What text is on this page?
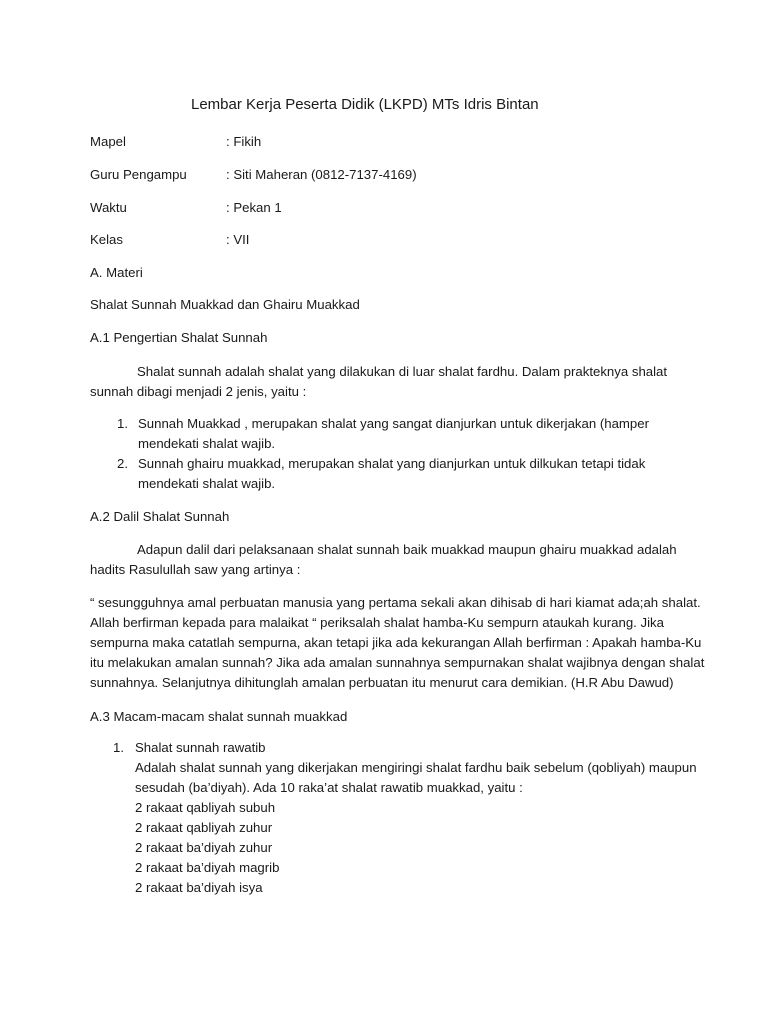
Lembar Kerja Peserta Didik (LKPD) MTs Idris Bintan
Mapel	: Fikih
Guru Pengampu	: Siti Maheran (0812-7137-4169)
Waktu	: Pekan 1
Kelas	: VII
A. Materi
Shalat Sunnah Muakkad dan Ghairu Muakkad
A.1 Pengertian Shalat Sunnah
Shalat sunnah adalah shalat yang dilakukan di luar shalat fardhu. Dalam prakteknya shalat
sunnah dibagi menjadi 2 jenis, yaitu :
1. Sunnah Muakkad , merupakan shalat yang sangat dianjurkan untuk dikerjakan (hamper
mendekati shalat wajib.
2. Sunnah ghairu muakkad, merupakan shalat yang dianjurkan untuk dilkukan tetapi tidak
mendekati shalat wajib.
A.2 Dalil Shalat Sunnah
Adapun dalil dari pelaksanaan shalat sunnah baik muakkad maupun ghairu muakkad adalah
hadits Rasulullah saw yang artinya :
“ sesungguhnya amal perbuatan manusia yang pertama sekali akan dihisab di hari kiamat ada;ah shalat.
Allah berfirman kepada para malaikat “ periksalah shalat hamba-Ku sempurn ataukah kurang. Jika
sempurna maka catatlah sempurna, akan tetapi jika ada kekurangan Allah berfirman : Apakah hamba-Ku
itu melakukan amalan sunnah? Jika ada amalan sunnahnya sempurnakan shalat wajibnya dengan shalat
sunnahnya. Selanjutnya dihitunglah amalan perbuatan itu menurut cara demikian. (H.R Abu Dawud)
A.3 Macam-macam shalat sunnah muakkad
1. Shalat sunnah rawatib
Adalah shalat sunnah yang dikerjakan mengiringi shalat fardhu baik sebelum (qobliyah) maupun
sesudah (ba’diyah). Ada 10 raka’at shalat rawatib muakkad, yaitu :
2 rakaat qabliyah subuh
2 rakaat qabliyah zuhur
2 rakaat ba’diyah zuhur
2 rakaat ba’diyah magrib
2 rakaat ba’diyah isya
